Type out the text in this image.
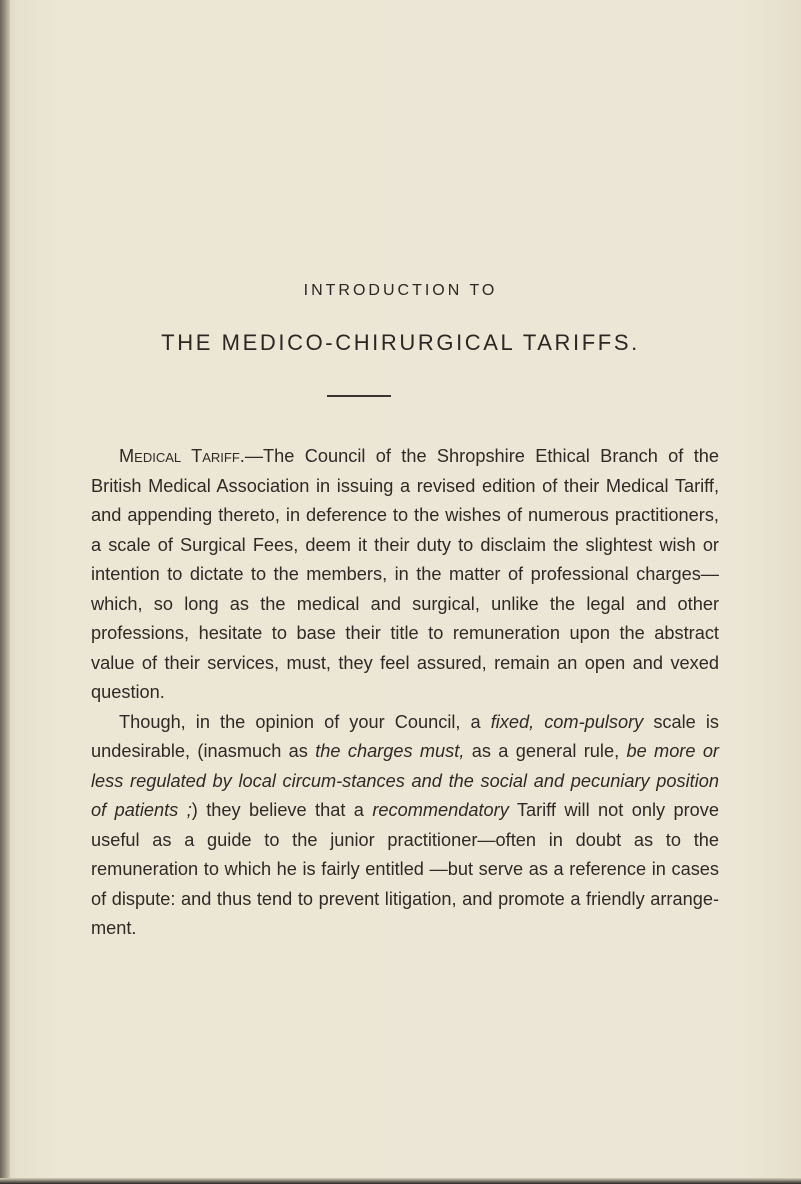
INTRODUCTION TO
THE MEDICO-CHIRURGICAL TARIFFS.

Medical Tariff.—The Council of the Shropshire Ethical Branch of the British Medical Association in issuing a revised edition of their Medical Tariff, and appending thereto, in deference to the wishes of numerous practitioners, a scale of Surgical Fees, deem it their duty to disclaim the slightest wish or intention to dictate to the members, in the matter of professional charges—which, so long as the medical and surgical, unlike the legal and other professions, hesitate to base their title to remuneration upon the abstract value of their services, must, they feel assured, remain an open and vexed question.

Though, in the opinion of your Council, a fixed, com-pulsory scale is undesirable, (inasmuch as the charges must, as a general rule, be more or less regulated by local circum-stances and the social and pecuniary position of patients ;) they believe that a recommendatory Tariff will not only prove useful as a guide to the junior practitioner—often in doubt as to the remuneration to which he is fairly entitled —but serve as a reference in cases of dispute: and thus tend to prevent litigation, and promote a friendly arrange-ment.
